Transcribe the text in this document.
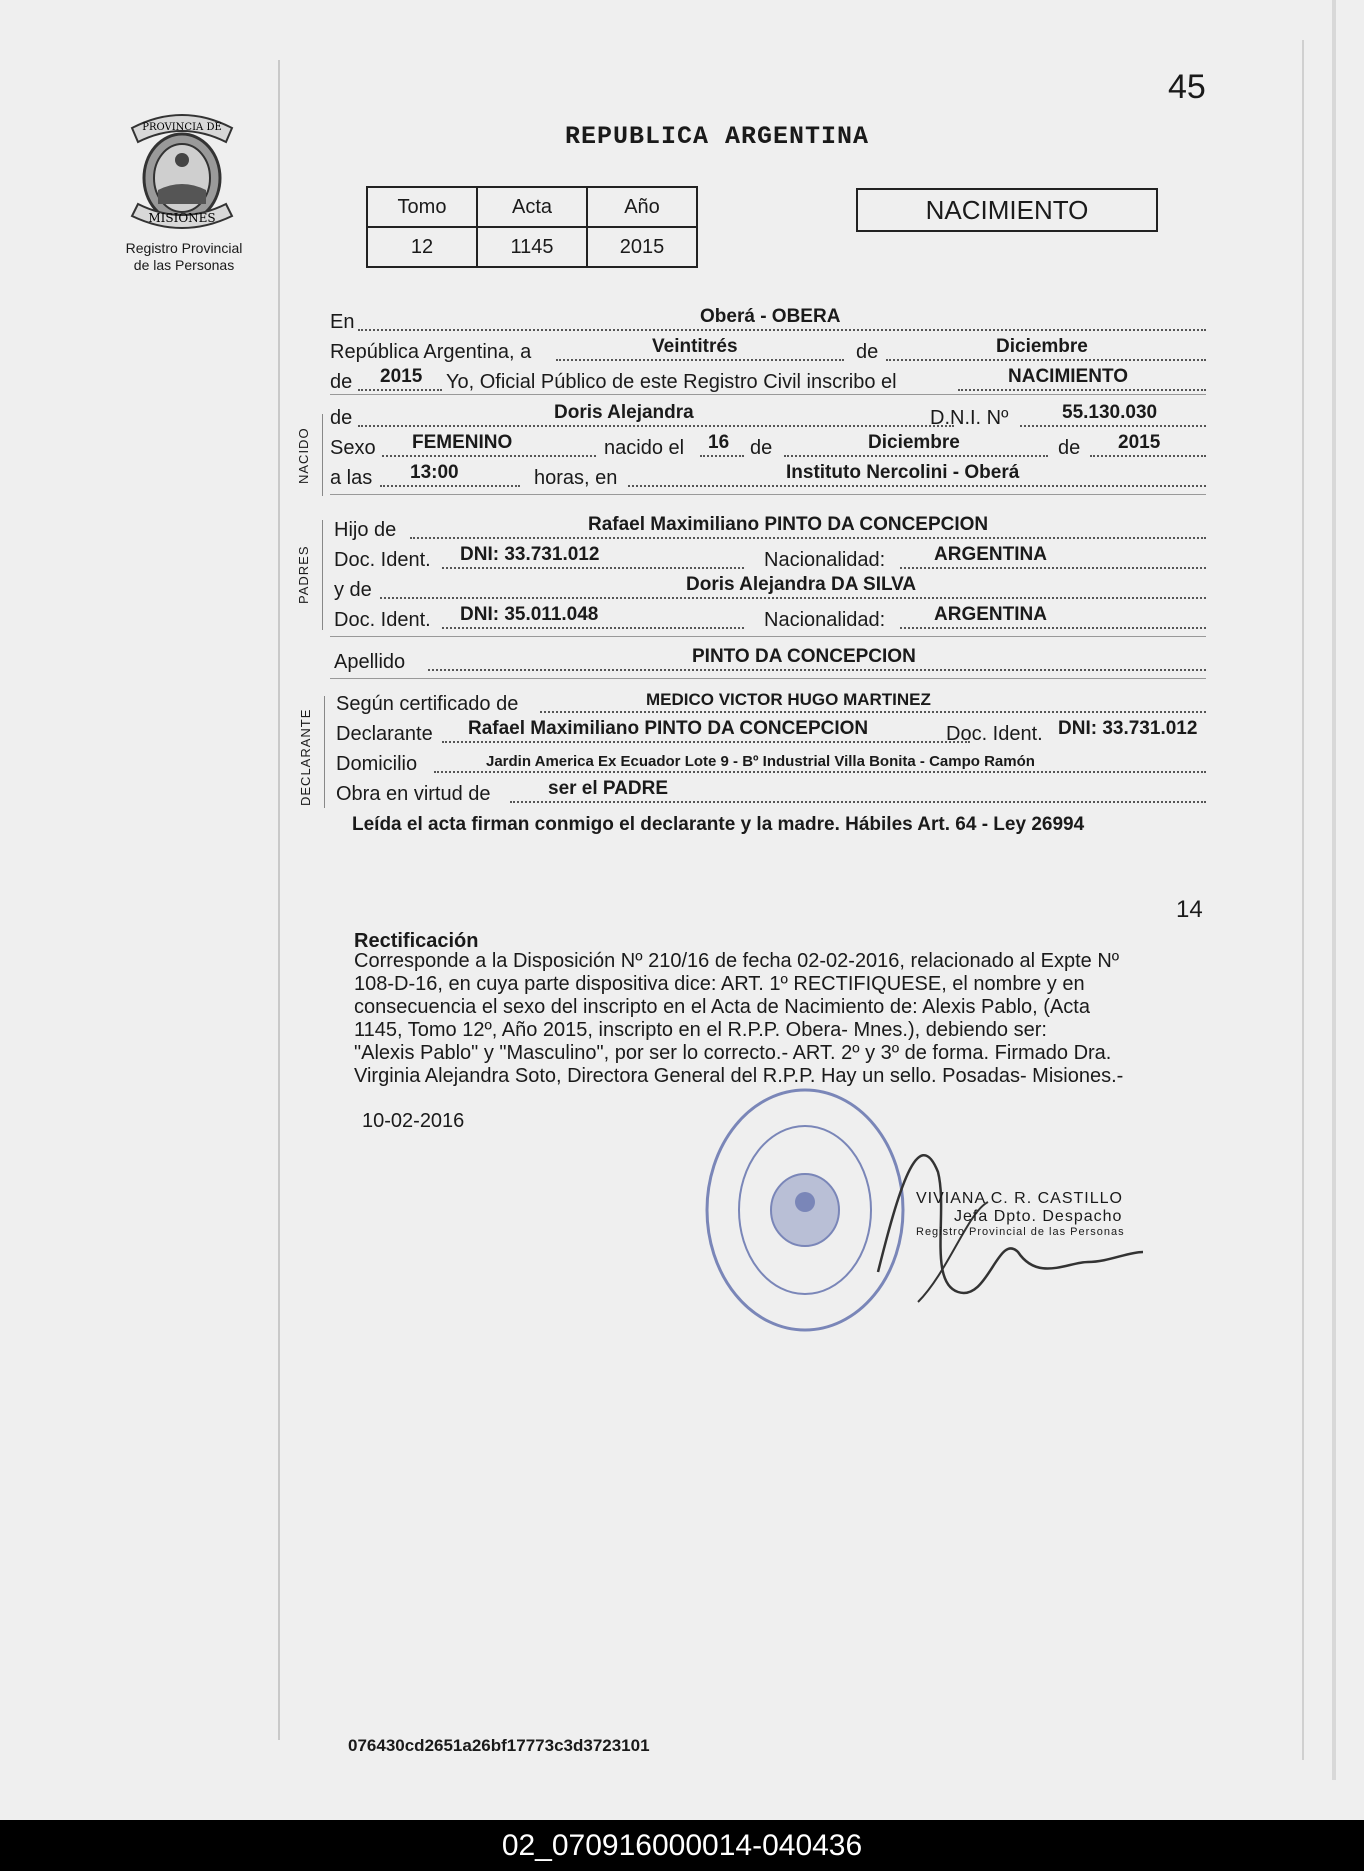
45
PROVINCIA DE
MISIONES
Registro Provincial
de las Personas
REPUBLICA ARGENTINA
Tomo	Acta	Año
12	1145	2015
NACIMIENTO
En	Oberá - OBERA
República Argentina, a	Veintitrés	de	Diciembre
de 2015 Yo, Oficial Público de este Registro Civil inscribo el	NACIMIENTO
NACIDO
de	Doris Alejandra	D.N.I. Nº	55.130.030
Sexo FEMENINO	nacido el 16 de	Diciembre	de 2015
a las 13:00	horas, en	Instituto Nercolini - Oberá
PADRES
Hijo de	Rafael Maximiliano PINTO DA CONCEPCION
Doc. Ident. DNI: 33.731.012	Nacionalidad:	ARGENTINA
y de	Doris Alejandra DA SILVA
Doc. Ident. DNI: 35.011.048	Nacionalidad:	ARGENTINA
Apellido	PINTO DA CONCEPCION
DECLARANTE
Según certificado de	MEDICO VICTOR HUGO MARTINEZ
Declarante Rafael Maximiliano PINTO DA CONCEPCION	Doc. Ident. DNI: 33.731.012
Domicilio	Jardin America Ex Ecuador Lote 9 - Bº Industrial Villa Bonita - Campo Ramón
Obra en virtud de	ser el PADRE
Leída el acta firman conmigo el declarante y la madre. Hábiles Art. 64 - Ley 26994
14
Rectificación
Corresponde a la Disposición Nº 210/16 de fecha 02-02-2016, relacionado al Expte Nº
108-D-16, en cuya parte dispositiva dice: ART. 1º RECTIFIQUESE, el nombre y en
consecuencia el sexo del inscripto en el Acta de Nacimiento de: Alexis Pablo, (Acta
1145, Tomo 12º, Año 2015, inscripto en el R.P.P. Obera- Mnes.), debiendo ser:
"Alexis Pablo" y "Masculino", por ser lo correcto.- ART. 2º y 3º de forma. Firmado Dra.
Virginia Alejandra Soto, Directora General del R.P.P. Hay un sello. Posadas- Misiones.-
10-02-2016
VIVIANA C. R. CASTILLO
Jefa Dpto. Despacho
Registro Provincial de las Personas
076430cd2651a26bf17773c3d3723101
02_070916000014-040436
